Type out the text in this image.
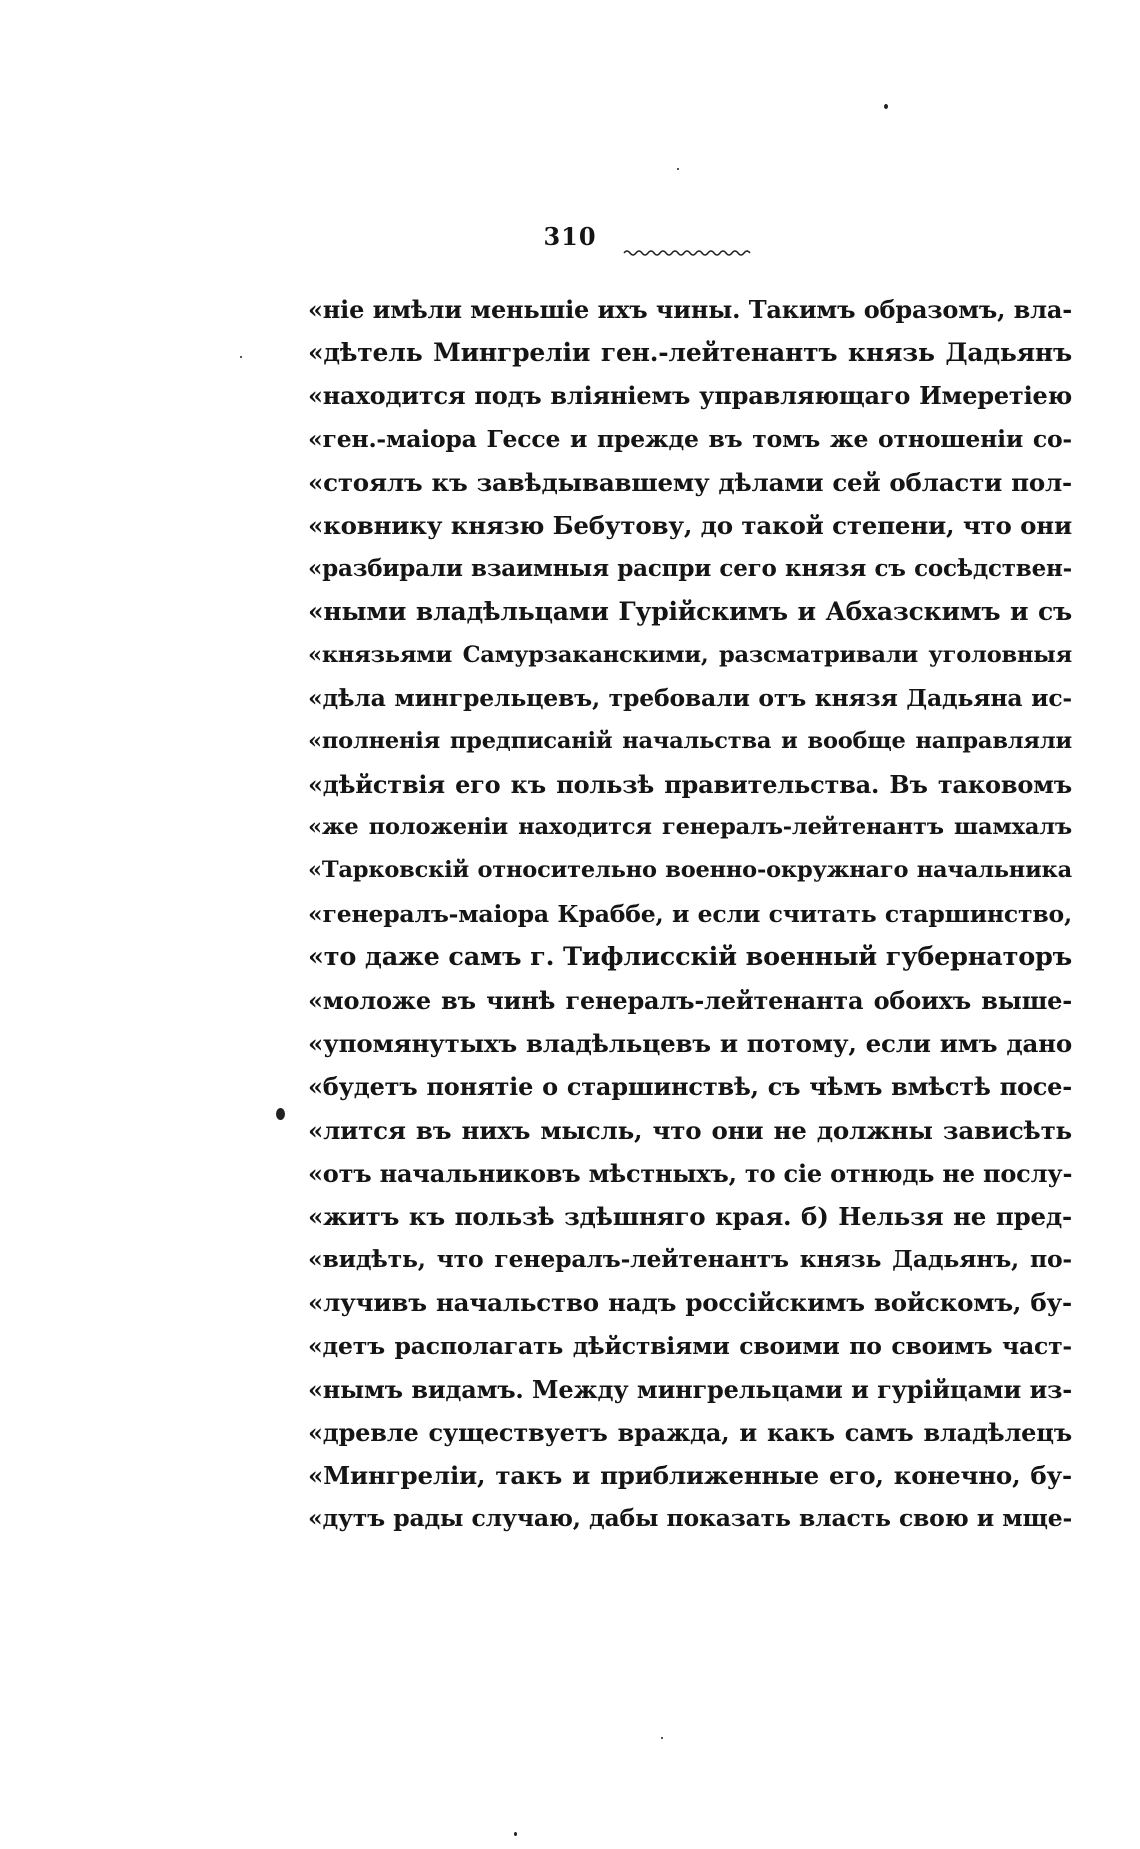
310
«ніе имѣли меньшіе ихъ чины. Такимъ образомъ, вла-
«дѣтель Мингреліи ген.-лейтенантъ князь Дадьянъ
«находится подъ вліяніемъ управляющаго Имеретіею
«ген.-маіора Гессе и прежде въ томъ же отношеніи со-
«стоялъ къ завѣдывавшему дѣлами сей области пол-
«ковнику князю Бебутову, до такой степени, что они
«разбирали взаимныя распри сего князя съ сосѣдствен-
«ными владѣльцами Гурійскимъ и Абхазскимъ и съ
«князьями Самурзаканскими, разсматривали уголовныя
«дѣла мингрельцевъ, требовали отъ князя Дадьяна ис-
«полненія предписаній начальства и вообще направляли
«дѣйствія его къ пользѣ правительства. Въ таковомъ
«же положеніи находится генералъ-лейтенантъ шамхалъ
«Тарковскій относительно военно-окружнаго начальника
«генералъ-маіора Краббе, и если считать старшинство,
«то даже самъ г. Тифлисскій военный губернаторъ
«моложе въ чинѣ генералъ-лейтенанта обоихъ выше-
«упомянутыхъ владѣльцевъ и потому, если имъ дано
«будетъ понятіе о старшинствѣ, съ чѣмъ вмѣстѣ посе-
«лится въ нихъ мысль, что они не должны зависѣть
«отъ начальниковъ мѣстныхъ, то сіе отнюдь не послу-
«житъ къ пользѣ здѣшняго края. б) Нельзя не пред-
«видѣть, что генералъ-лейтенантъ князь Дадьянъ, по-
«лучивъ начальство надъ россійскимъ войскомъ, бу-
«детъ располагать дѣйствіями своими по своимъ част-
«нымъ видамъ. Между мингрельцами и гурійцами из-
«древле существуетъ вражда, и какъ самъ владѣлецъ
«Мингреліи, такъ и приближенные его, конечно, бу-
«дутъ рады случаю, дабы показать власть свою и мще-
